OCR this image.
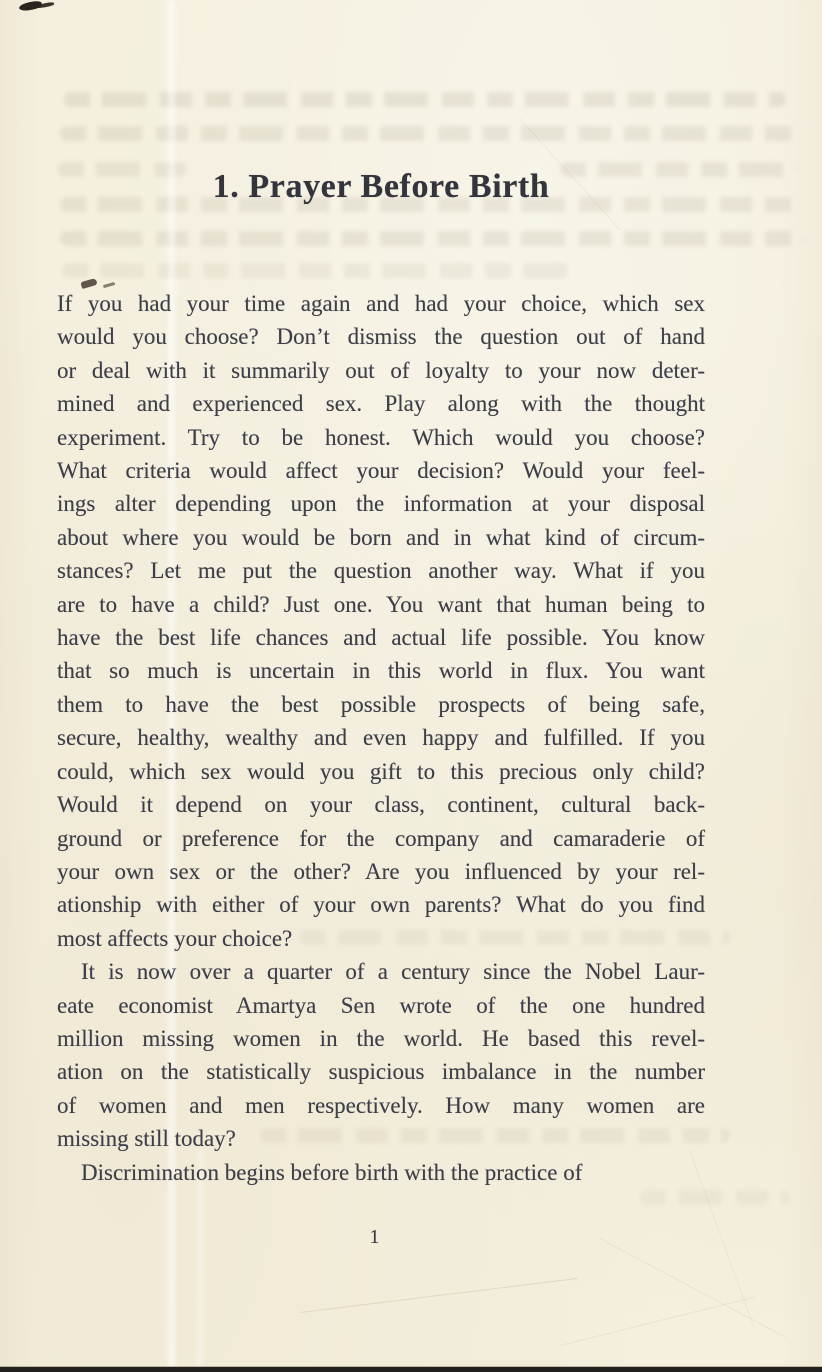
1. Prayer Before Birth
If you had your time again and had your choice, which sex
would you choose? Don’t dismiss the question out of hand
or deal with it summarily out of loyalty to your now deter-
mined and experienced sex. Play along with the thought
experiment. Try to be honest. Which would you choose?
What criteria would affect your decision? Would your feel-
ings alter depending upon the information at your disposal
about where you would be born and in what kind of circum-
stances? Let me put the question another way. What if you
are to have a child? Just one. You want that human being to
have the best life chances and actual life possible. You know
that so much is uncertain in this world in flux. You want
them to have the best possible prospects of being safe,
secure, healthy, wealthy and even happy and fulfilled. If you
could, which sex would you gift to this precious only child?
Would it depend on your class, continent, cultural back-
ground or preference for the company and camaraderie of
your own sex or the other? Are you influenced by your rel-
ationship with either of your own parents? What do you find
most affects your choice?
It is now over a quarter of a century since the Nobel Laur-
eate economist Amartya Sen wrote of the one hundred
million missing women in the world. He based this revel-
ation on the statistically suspicious imbalance in the number
of women and men respectively. How many women are
missing still today?
Discrimination begins before birth with the practice of
1
